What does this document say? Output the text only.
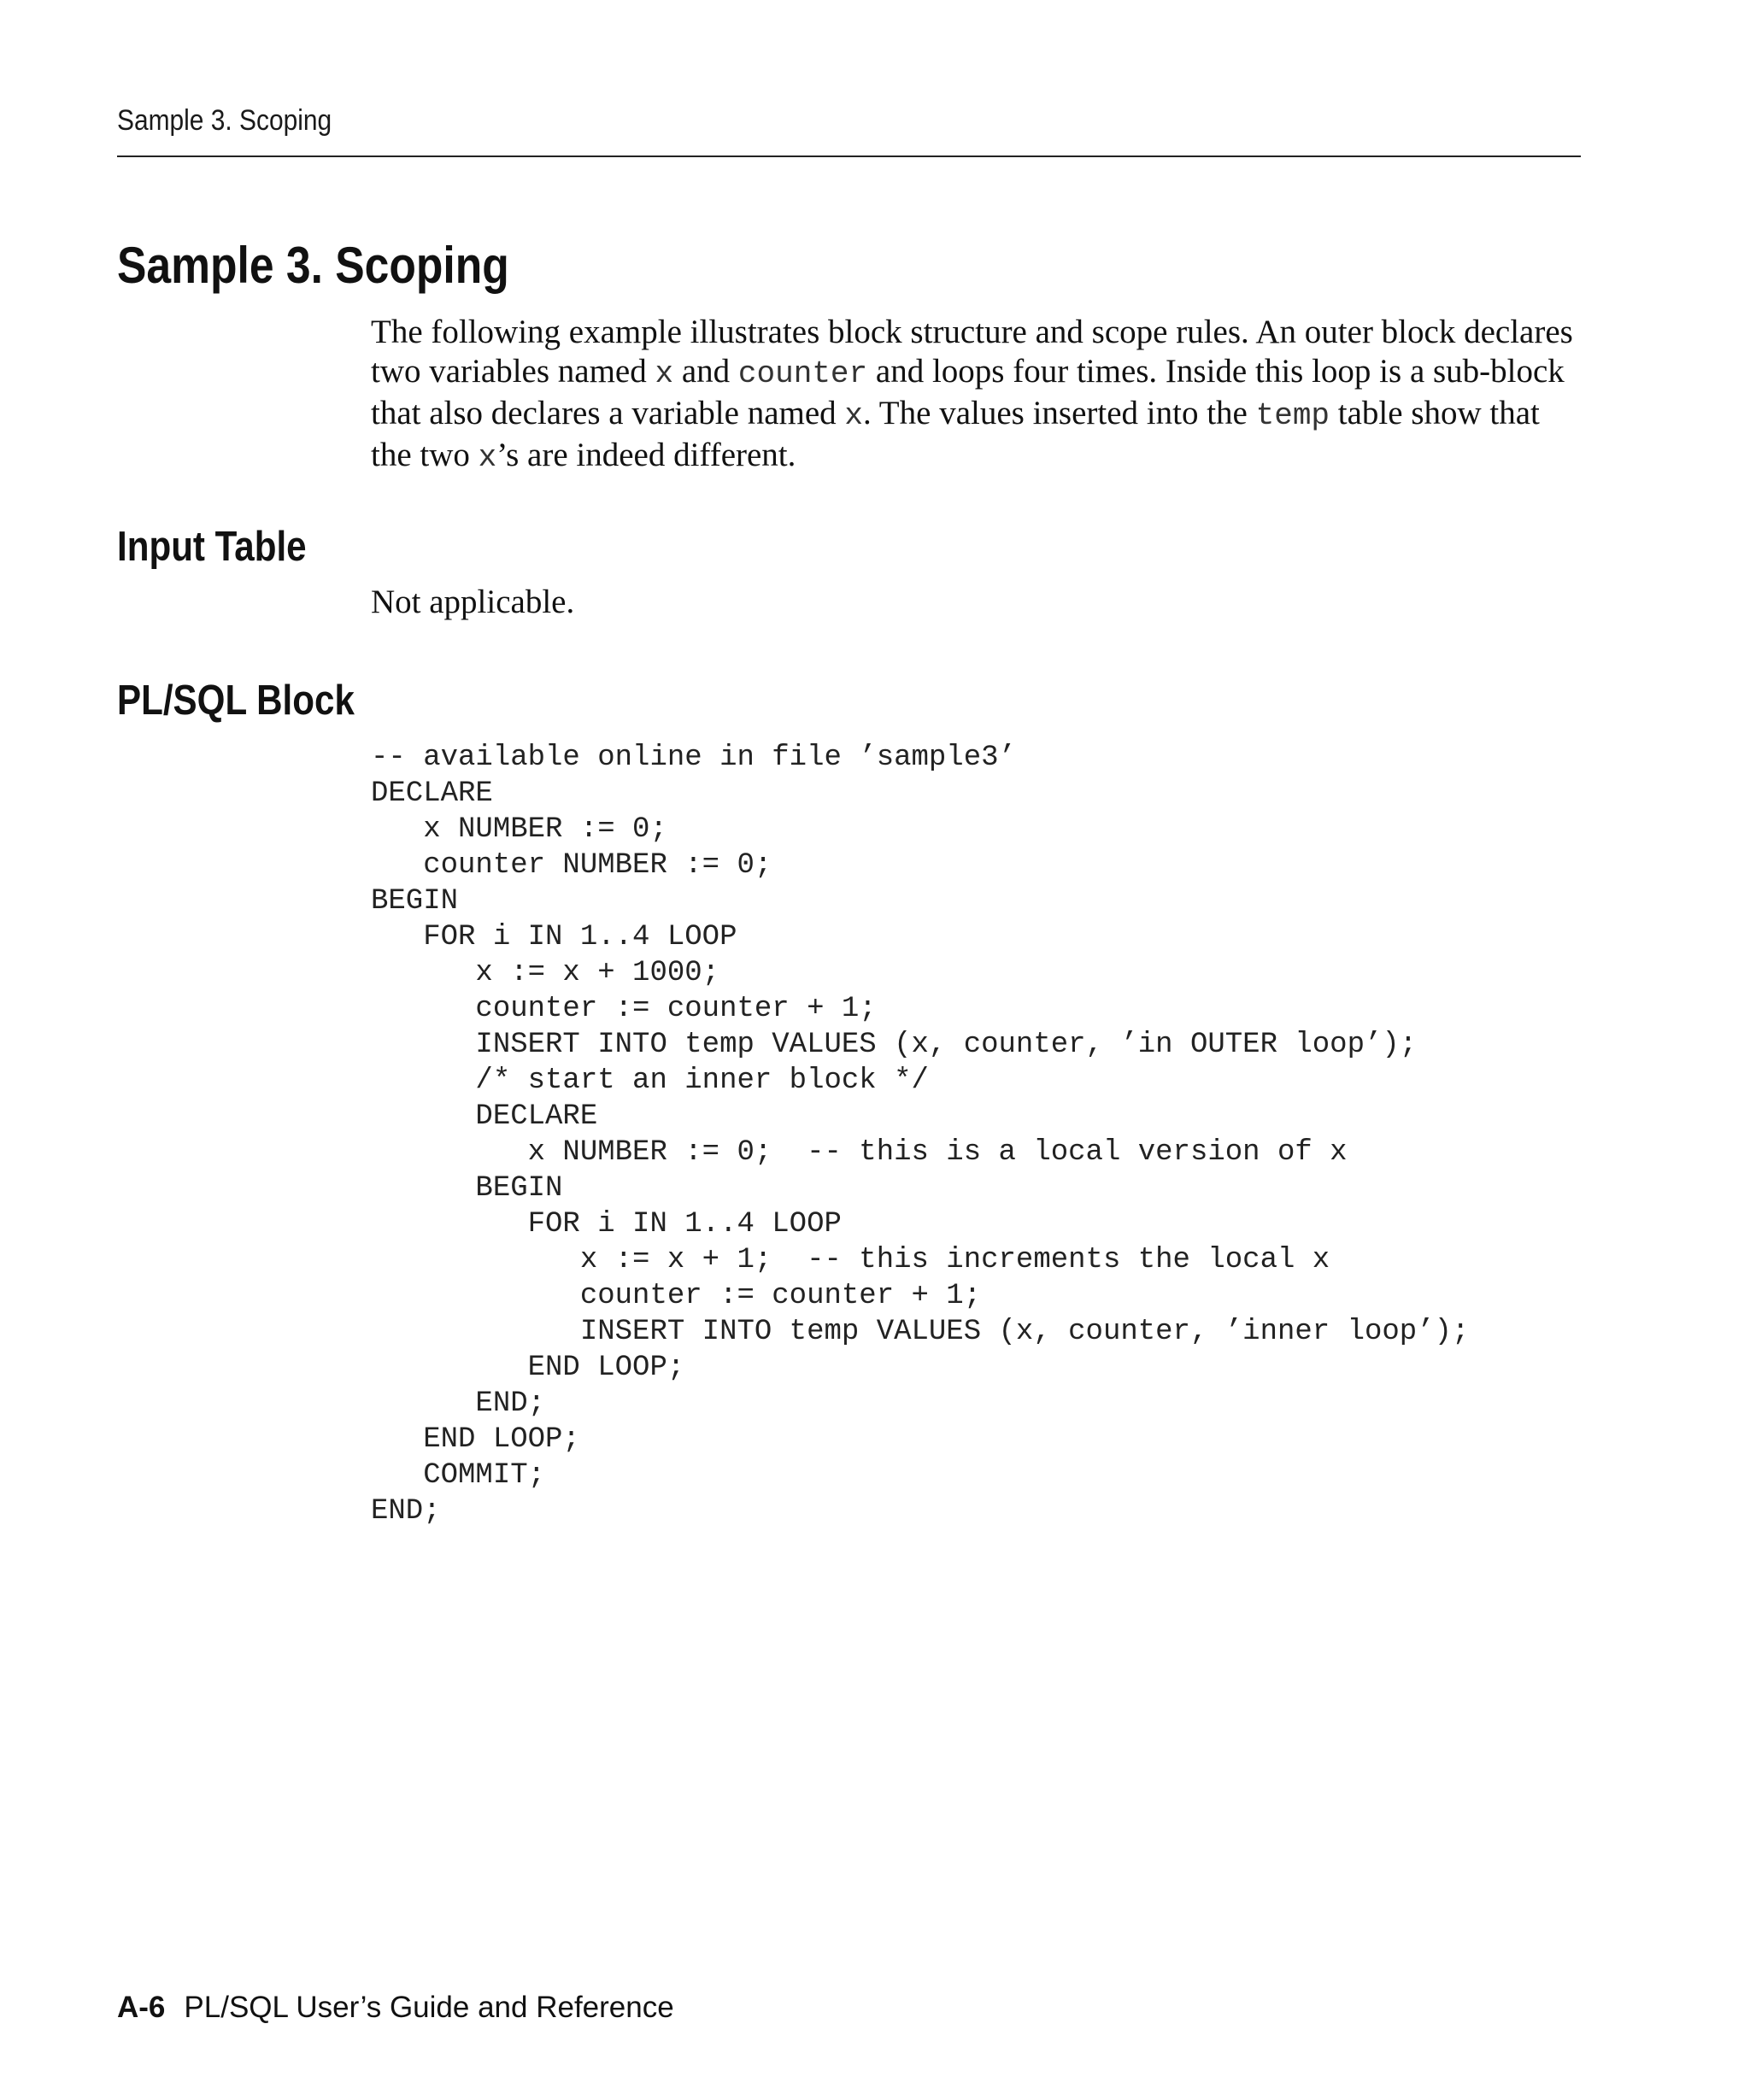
Sample 3. Scoping
Sample 3. Scoping

The following example illustrates block structure and scope rules. An outer block declares two variables named x and counter and loops four times. Inside this loop is a sub-block that also declares a variable named x. The values inserted into the temp table show that the two x’s are indeed different.

Input Table

Not applicable.

PL/SQL Block
-- available online in file ’sample3’
DECLARE
x NUMBER := 0;
counter NUMBER := 0;
BEGIN
FOR i IN 1..4 LOOP
x := x + 1000;
counter := counter + 1;
INSERT INTO temp VALUES (x, counter, ’in OUTER loop’);
/* start an inner block */
DECLARE
x NUMBER := 0;  -- this is a local version of x
BEGIN
FOR i IN 1..4 LOOP
x := x + 1;  -- this increments the local x
counter := counter + 1;
INSERT INTO temp VALUES (x, counter, ’inner loop’);
END LOOP;
END;
END LOOP;
COMMIT;
END;
A-6 PL/SQL User’s Guide and Reference
